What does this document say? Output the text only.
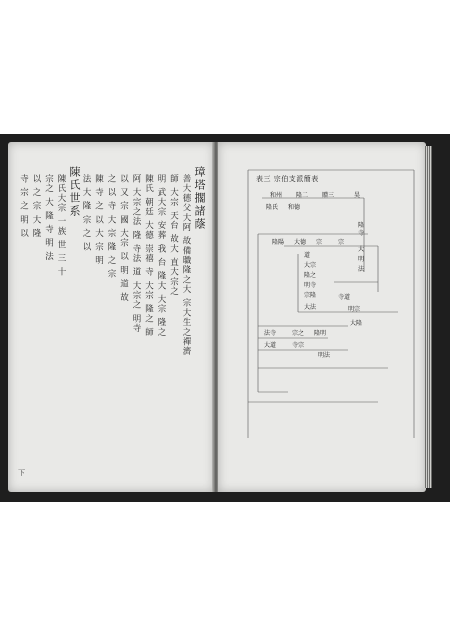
璋塔擱諸蔭
善大德父大阿 故備職隆之大 宗大生之禪濟
師 大宗 天台 故大 直大宗之
明 武大宗 安葬 我 台 隆大 大宗 隆之
陳氏 朝廷 大德 崇禧 寺 大宗 隆之 師
阿 大宗之法 隆 寺法 道 大宗之 明寺
以 又 宗 國 大宗 以 明 道 故
之 以 寺 大 宗 隆 之 宗
陳 寺 之 以 大 宗 明
法 大 隆 宗 之 以
陳氏世系
陳氏大宗 一族 世 三 十
宗之 大 隆 寺 明 法
以 之 宗 大 隆
寺 宗 之 明 以
下
表三 宗伯支派簡表
和州 隆二 贈三	昊
隆氏 和德
隆陽 大德 宗	宗
隆
寺
大
明
法
道
大宗
隆之
明寺
宗隆
大法
寺道
明宗
大隆
法寺	宗之 隆明
大道	寺宗
明法
